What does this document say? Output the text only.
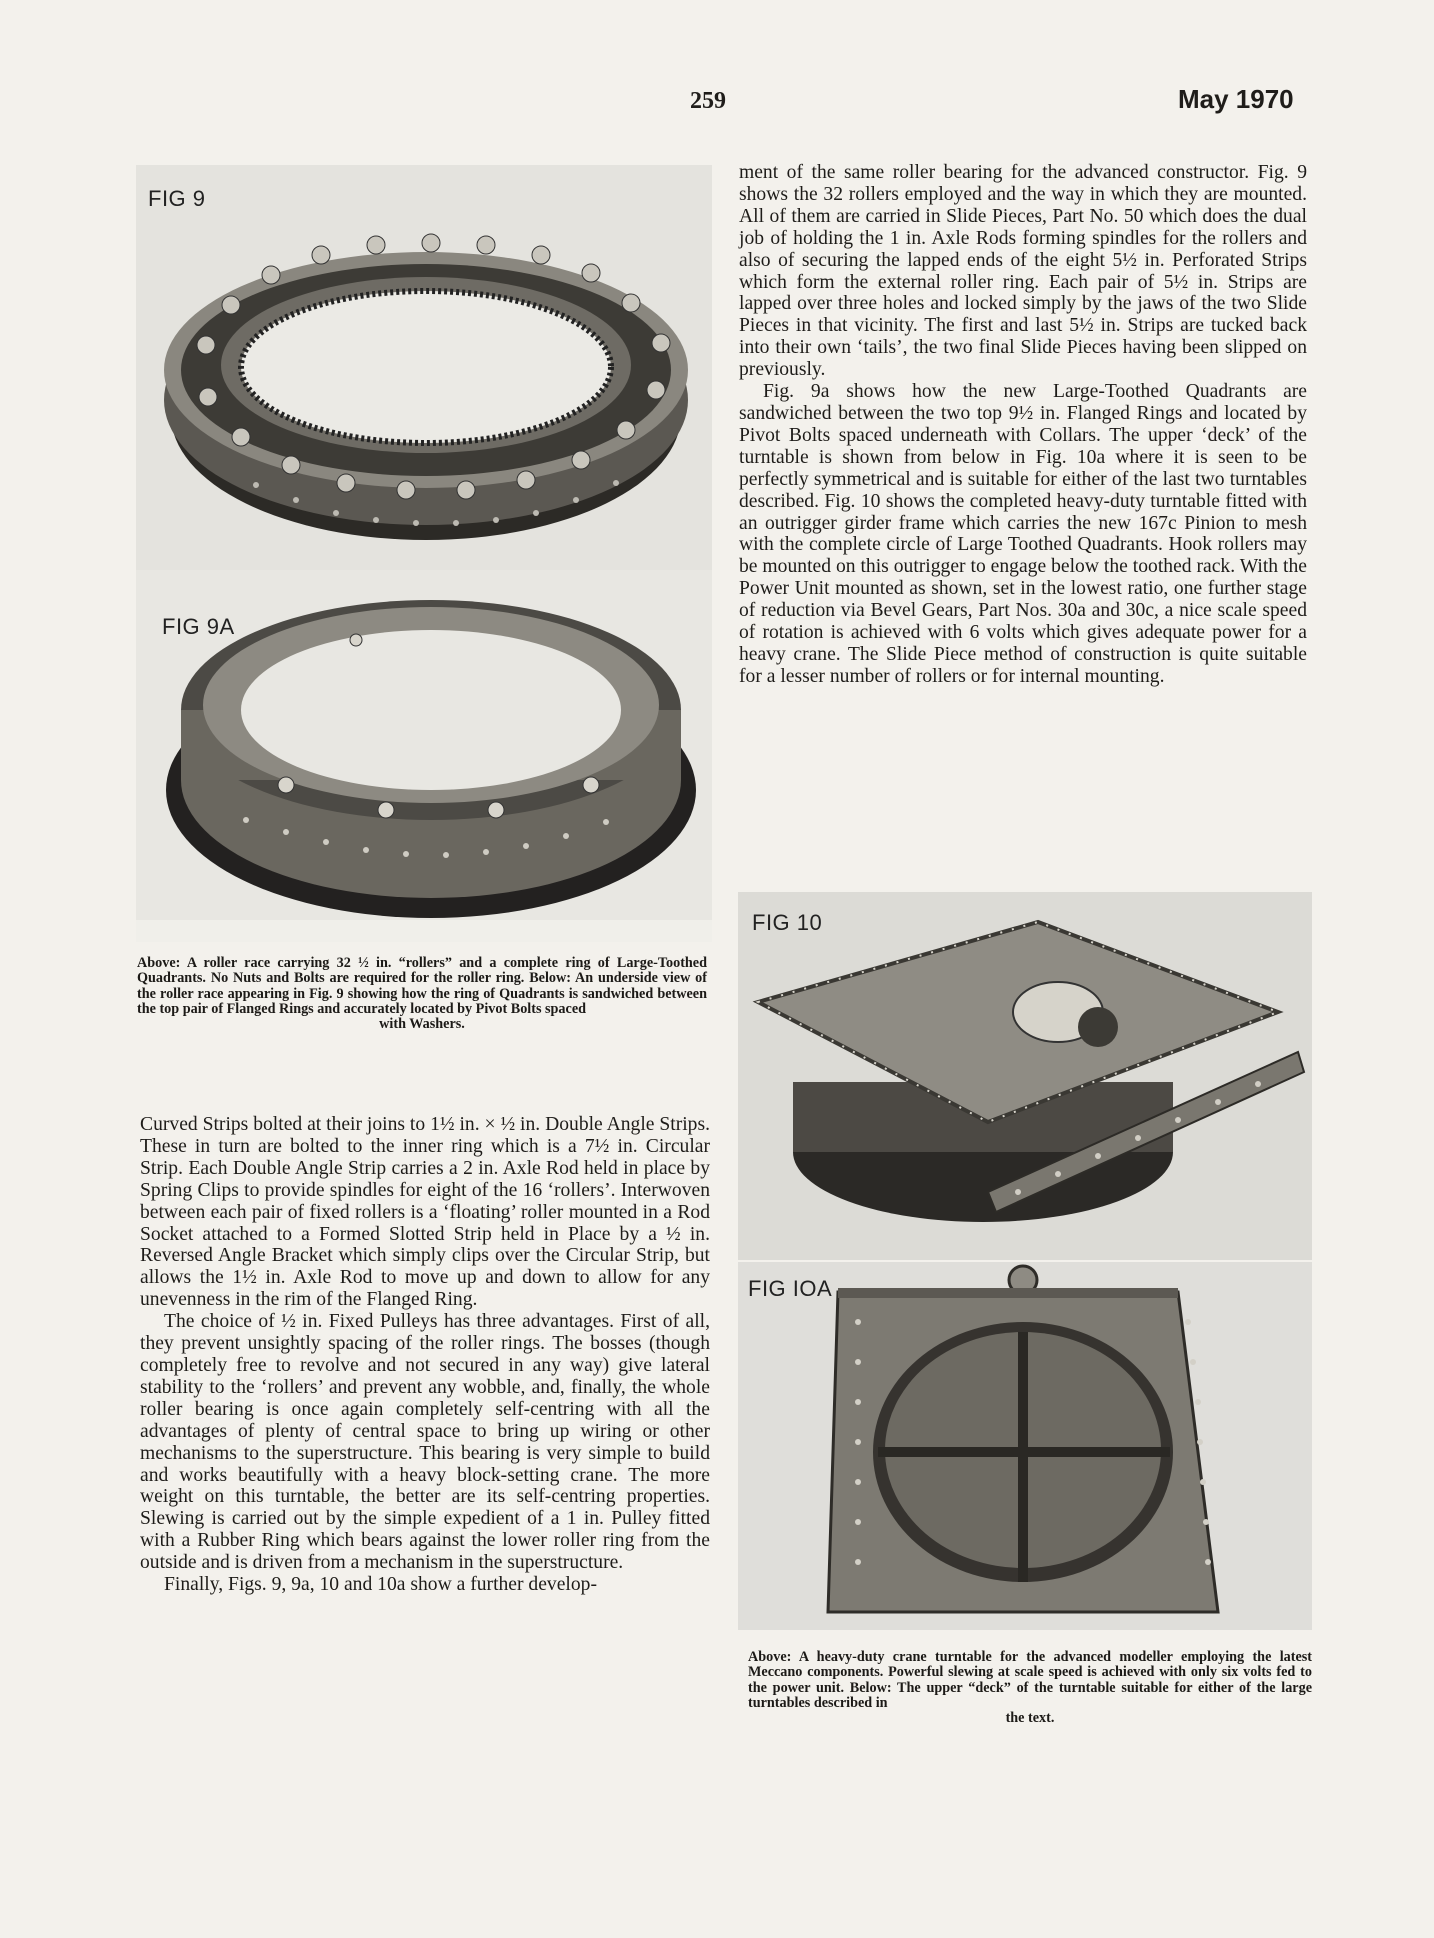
259	May 1970
FIG 9
FIG 9A
Above: A roller race carrying 32 ½ in. “rollers” and a complete ring of Large-Toothed Quadrants. No Nuts and Bolts are required for the roller ring. Below: An underside view of the roller race appearing in Fig. 9 showing how the ring of Quadrants is sandwiched between the top pair of Flanged Rings and accurately located by Pivot Bolts spaced
with Washers.

Curved Strips bolted at their joins to 1½ in. × ½ in. Double Angle Strips. These in turn are bolted to the inner ring which is a 7½ in. Circular Strip. Each Double Angle Strip carries a 2 in. Axle Rod held in place by Spring Clips to provide spindles for eight of the 16 ‘rollers’. Interwoven between each pair of fixed rollers is a ‘floating’ roller mounted in a Rod Socket attached to a Formed Slotted Strip held in Place by a ½ in. Reversed Angle Bracket which simply clips over the Circular Strip, but allows the 1½ in. Axle Rod to move up and down to allow for any unevenness in the rim of the Flanged Ring.

The choice of ½ in. Fixed Pulleys has three advantages. First of all, they prevent unsightly spacing of the roller rings. The bosses (though completely free to revolve and not secured in any way) give lateral stability to the ‘rollers’ and prevent any wobble, and, finally, the whole roller bearing is once again completely self-centring with all the advantages of plenty of central space to bring up wiring or other mechanisms to the superstructure. This bearing is very simple to build and works beautifully with a heavy block-setting crane. The more weight on this turntable, the better are its self-centring properties. Slewing is carried out by the simple expedient of a 1 in. Pulley fitted with a Rubber Ring which bears against the lower roller ring from the outside and is driven from a mechanism in the superstructure.

Finally, Figs. 9, 9a, 10 and 10a show a further develop-

ment of the same roller bearing for the advanced constructor. Fig. 9 shows the 32 rollers employed and the way in which they are mounted. All of them are carried in Slide Pieces, Part No. 50 which does the dual job of holding the 1 in. Axle Rods forming spindles for the rollers and also of securing the lapped ends of the eight 5½ in. Perforated Strips which form the external roller ring. Each pair of 5½ in. Strips are lapped over three holes and locked simply by the jaws of the two Slide Pieces in that vicinity. The first and last 5½ in. Strips are tucked back into their own ‘tails’, the two final Slide Pieces having been slipped on previously.

Fig. 9a shows how the new Large-Toothed Quadrants are sandwiched between the two top 9½ in. Flanged Rings and located by Pivot Bolts spaced underneath with Collars. The upper ‘deck’ of the turntable is shown from below in Fig. 10a where it is seen to be perfectly symmetrical and is suitable for either of the last two turntables described. Fig. 10 shows the completed heavy-duty turntable fitted with an outrigger girder frame which carries the new 167c Pinion to mesh with the complete circle of Large Toothed Quadrants. Hook rollers may be mounted on this outrigger to engage below the toothed rack. With the Power Unit mounted as shown, set in the lowest ratio, one further stage of reduction via Bevel Gears, Part Nos. 30a and 30c, a nice scale speed of rotation is achieved with 6 volts which gives adequate power for a heavy crane. The Slide Piece method of construction is quite suitable for a lesser number of rollers or for internal mounting.

FIG 10
FIG IOA
Above: A heavy-duty crane turntable for the advanced modeller employing the latest Meccano components. Powerful slewing at scale speed is achieved with only six volts fed to the power unit. Below: The upper “deck” of the turntable suitable for either of the large turntables described in
the text.
